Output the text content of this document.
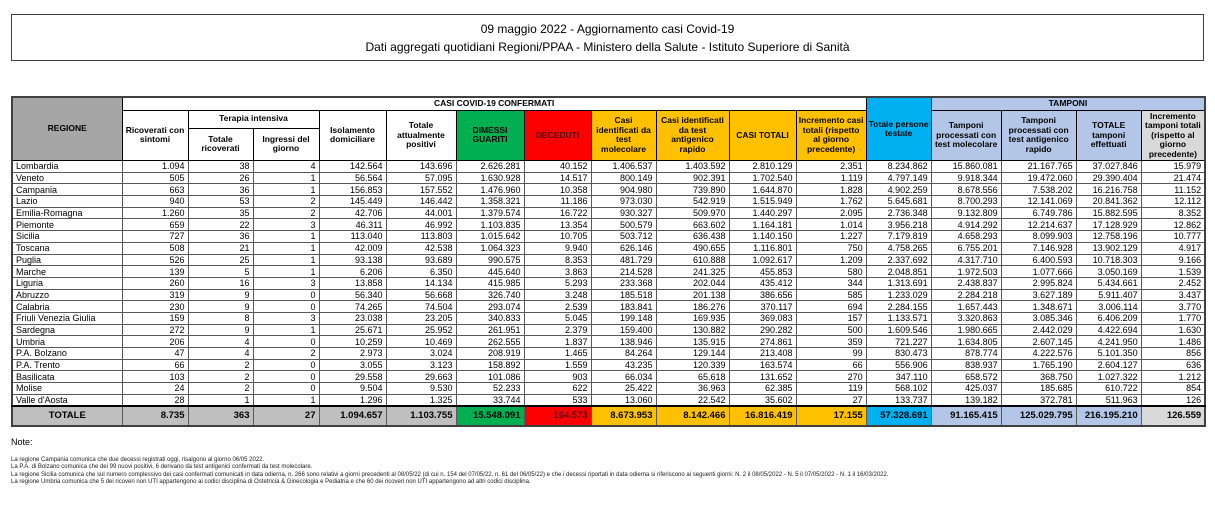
09 maggio 2022 - Aggiornamento casi Covid-19
Dati aggregati quotidiani Regioni/PPAA - Ministero della Salute - Istituto Superiore di Sanità
REGIONE	CASI COVID-19 CONFERMATI											Totale persone testate	TAMPONI			
	Ricoverati con sintomi	Terapia intensiva		Isolamento domiciliare	Totale attualmente positivi	DIMESSI GUARITI	DECEDUTI	Casi identificati da test molecolare	Casi identificati da test antigenico rapido	CASI TOTALI	Incremento casi totali (rispetto al giorno precedente)		Tamponi processati con test molecolare	Tamponi processati con test antigenico rapido	TOTALE tamponi effettuati	Incremento tamponi totali (rispetto al giorno precedente)
		Totale ricoverati	Ingressi del giorno													
Lombardia	1.094	38	4	142.564	143.696	2.626.281	40.152	1.406.537	1.403.592	2.810.129	2.351	8.234.862	15.860.081	21.167.765	37.027.846	15.979
Veneto	505	26	1	56.564	57.095	1.630.928	14.517	800.149	902.391	1.702.540	1.119	4.797.149	9.918.344	19.472.060	29.390.404	21.474
Campania	663	36	1	156.853	157.552	1.476.960	10.358	904.980	739.890	1.644.870	1.828	4.902.259	8.678.556	7.538.202	16.216.758	11.152
Lazio	940	53	2	145.449	146.442	1.358.321	11.186	973.030	542.919	1.515.949	1.762	5.645.681	8.700.293	12.141.069	20.841.362	12.112
Emilia-Romagna	1.260	35	2	42.706	44.001	1.379.574	16.722	930.327	509.970	1.440.297	2.095	2.736.348	9.132.809	6.749.786	15.882.595	8.352
Piemonte	659	22	3	46.311	46.992	1.103.835	13.354	500.579	663.602	1.164.181	1.014	3.956.218	4.914.292	12.214.637	17.128.929	12.862
Sicilia	727	36	1	113.040	113.803	1.015.642	10.705	503.712	636.438	1.140.150	1.227	7.179.819	4.658.293	8.099.903	12.758.196	10.777
Toscana	508	21	1	42.009	42.538	1.064.323	9.940	626.146	490.655	1.116.801	750	4.758.265	6.755.201	7.146.928	13.902.129	4.917
Puglia	526	25	1	93.138	93.689	990.575	8.353	481.729	610.888	1.092.617	1.209	2.337.692	4.317.710	6.400.593	10.718.303	9.166
Marche	139	5	1	6.206	6.350	445.640	3.863	214.528	241.325	455.853	580	2.048.851	1.972.503	1.077.666	3.050.169	1.539
Liguria	260	16	3	13.858	14.134	415.985	5.293	233.368	202.044	435.412	344	1.313.691	2.438.837	2.995.824	5.434.661	2.452
Abruzzo	319	9	0	56.340	56.668	326.740	3.248	185.518	201.138	386.656	585	1.233.029	2.284.218	3.627.189	5.911.407	3.437
Calabria	230	9	0	74.265	74.504	293.074	2.539	183.841	186.276	370.117	694	2.284.155	1.657.443	1.348.671	3.006.114	3.770
Friuli Venezia Giulia	159	8	3	23.038	23.205	340.833	5.045	199.148	169.935	369.083	157	1.133.571	3.320.863	3.085.346	6.406.209	1.770
Sardegna	272	9	1	25.671	25.952	261.951	2.379	159.400	130.882	290.282	500	1.609.546	1.980.665	2.442.029	4.422.694	1.630
Umbria	206	4	0	10.259	10.469	262.555	1.837	138.946	135.915	274.861	359	721.227	1.634.805	2.607.145	4.241.950	1.486
P.A. Bolzano	47	4	2	2.973	3.024	208.919	1.465	84.264	129.144	213.408	99	830.473	878.774	4.222.576	5.101.350	856
P.A. Trento	66	2	0	3.055	3.123	158.892	1.559	43.235	120.339	163.574	66	556.906	838.937	1.765.190	2.604.127	636
Basilicata	103	2	0	29.558	29.663	101.086	903	66.034	65.618	131.652	270	347.110	658.572	368.750	1.027.322	1.212
Molise	24	2	0	9.504	9.530	52.233	622	25.422	36.963	62.385	119	568.102	425.037	185.685	610.722	854
Valle d'Aosta	28	1	1	1.296	1.325	33.744	533	13.060	22.542	35.602	27	133.737	139.182	372.781	511.963	126
TOTALE	8.735	363	27	1.094.657	1.103.755	15.548.091	164.573	8.673.953	8.142.466	16.816.419	17.155	57.328.691	91.165.415	125.029.795	216.195.210	126.559
Note:
La regione Campania comunica che due decessi registrati oggi, risalgono al giorno 06/05 2022.
La P.A. di Bolzano comunica che dei 99 nuovi positivi, 6 derivano da test antigenici confermati da test molecolare.
La regione Sicilia comunica che sul numero complessivo dei casi confermati comunicati in data odierna, n. 266 sono relativi a giorni precedenti al 08/05/22 (di cui n. 154 del 07/05/22, n. 61 del 06/05/22) e che i decessi riportati in data odierna si riferiscono ai seguenti giorni: N. 2 il 08/05/2022 - N. 5 il 07/05/2022 - N. 1 il 16/03/2022.
La regione Umbria comunica che 5 dei ricoveri non UTI appartengono ai codici disciplina di Ostetricia & Ginecologia e Pediatria e che 60 dei ricoveri non UTI appartengono ad altri codici disciplina.
